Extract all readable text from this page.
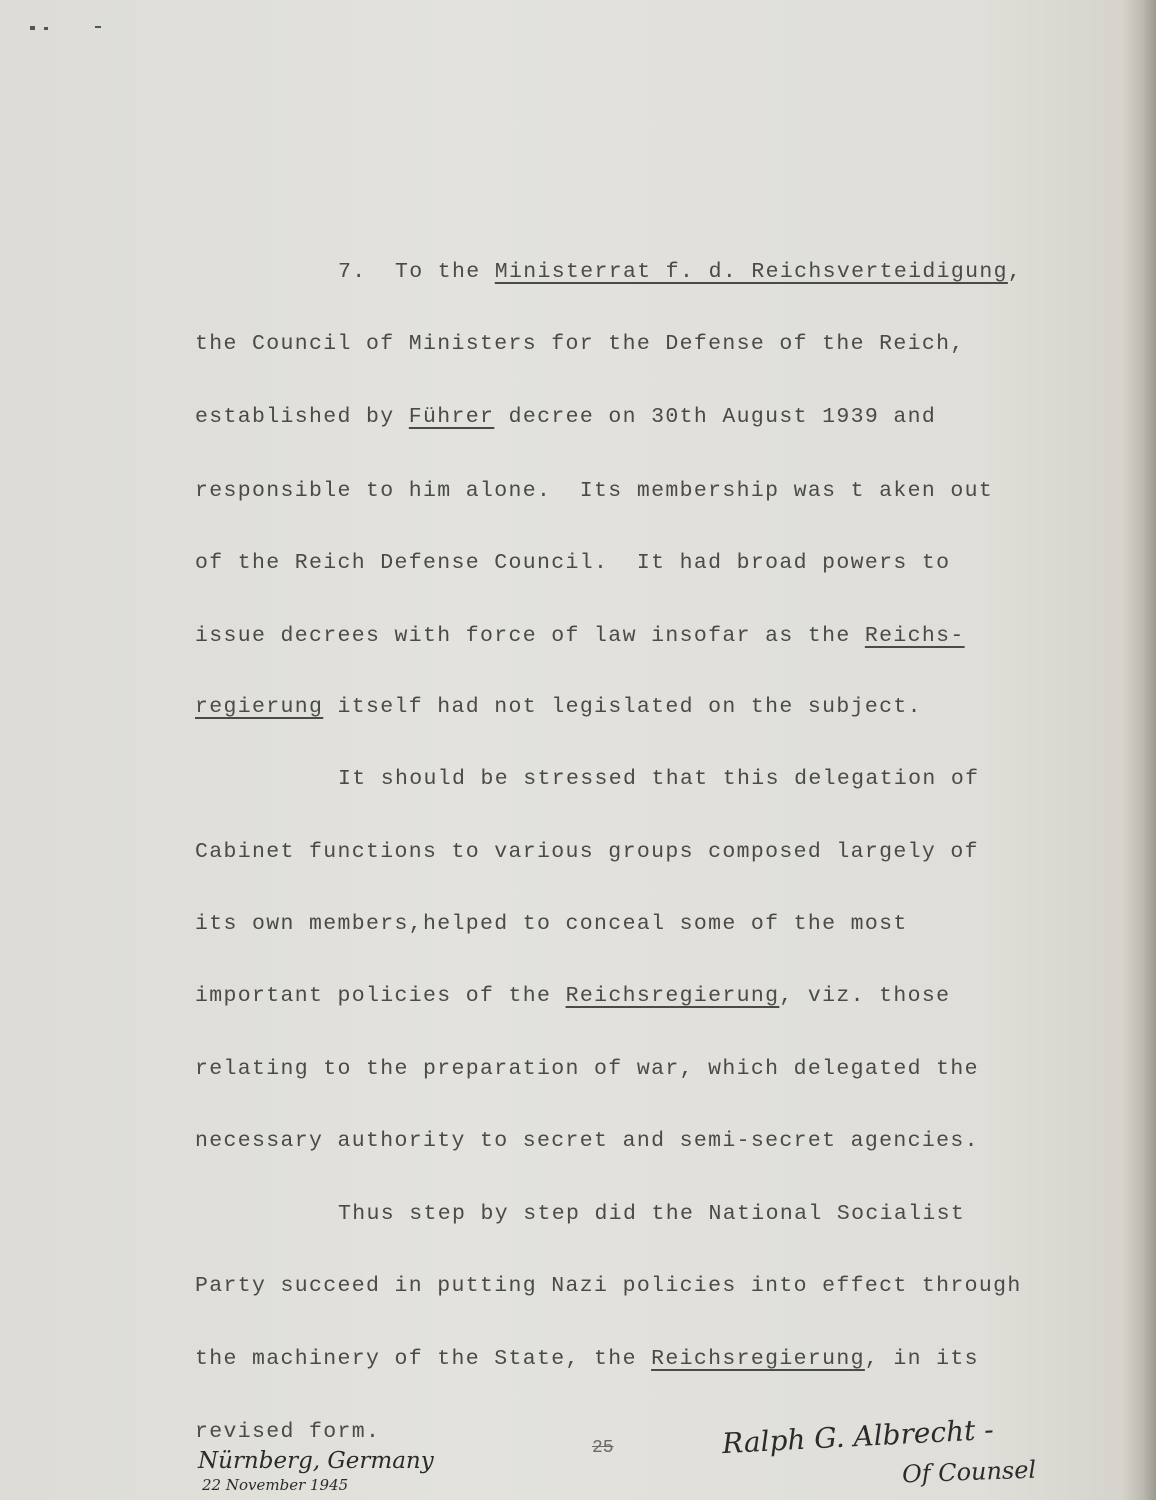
7.  To the Ministerrat f. d. Reichsverteidigung,
the Council of Ministers for the Defense of the Reich,
established by Führer decree on 30th August 1939 and
responsible to him alone.  Its membership was t aken out
of the Reich Defense Council.  It had broad powers to
issue decrees with force of law insofar as the Reichs-
regierung itself had not legislated on the subject.
It should be stressed that this delegation of
Cabinet functions to various groups composed largely of
its own members,helped to conceal some of the most
important policies of the Reichsregierung, viz. those
relating to the preparation of war, which delegated the
necessary authority to secret and semi-secret agencies.
Thus step by step did the National Socialist
Party succeed in putting Nazi policies into effect through
the machinery of the State, the Reichsregierung, in its
revised form.
25
Nürnberg, Germany
22 November 1945
Ralph G. Albrecht -
Of Counsel
